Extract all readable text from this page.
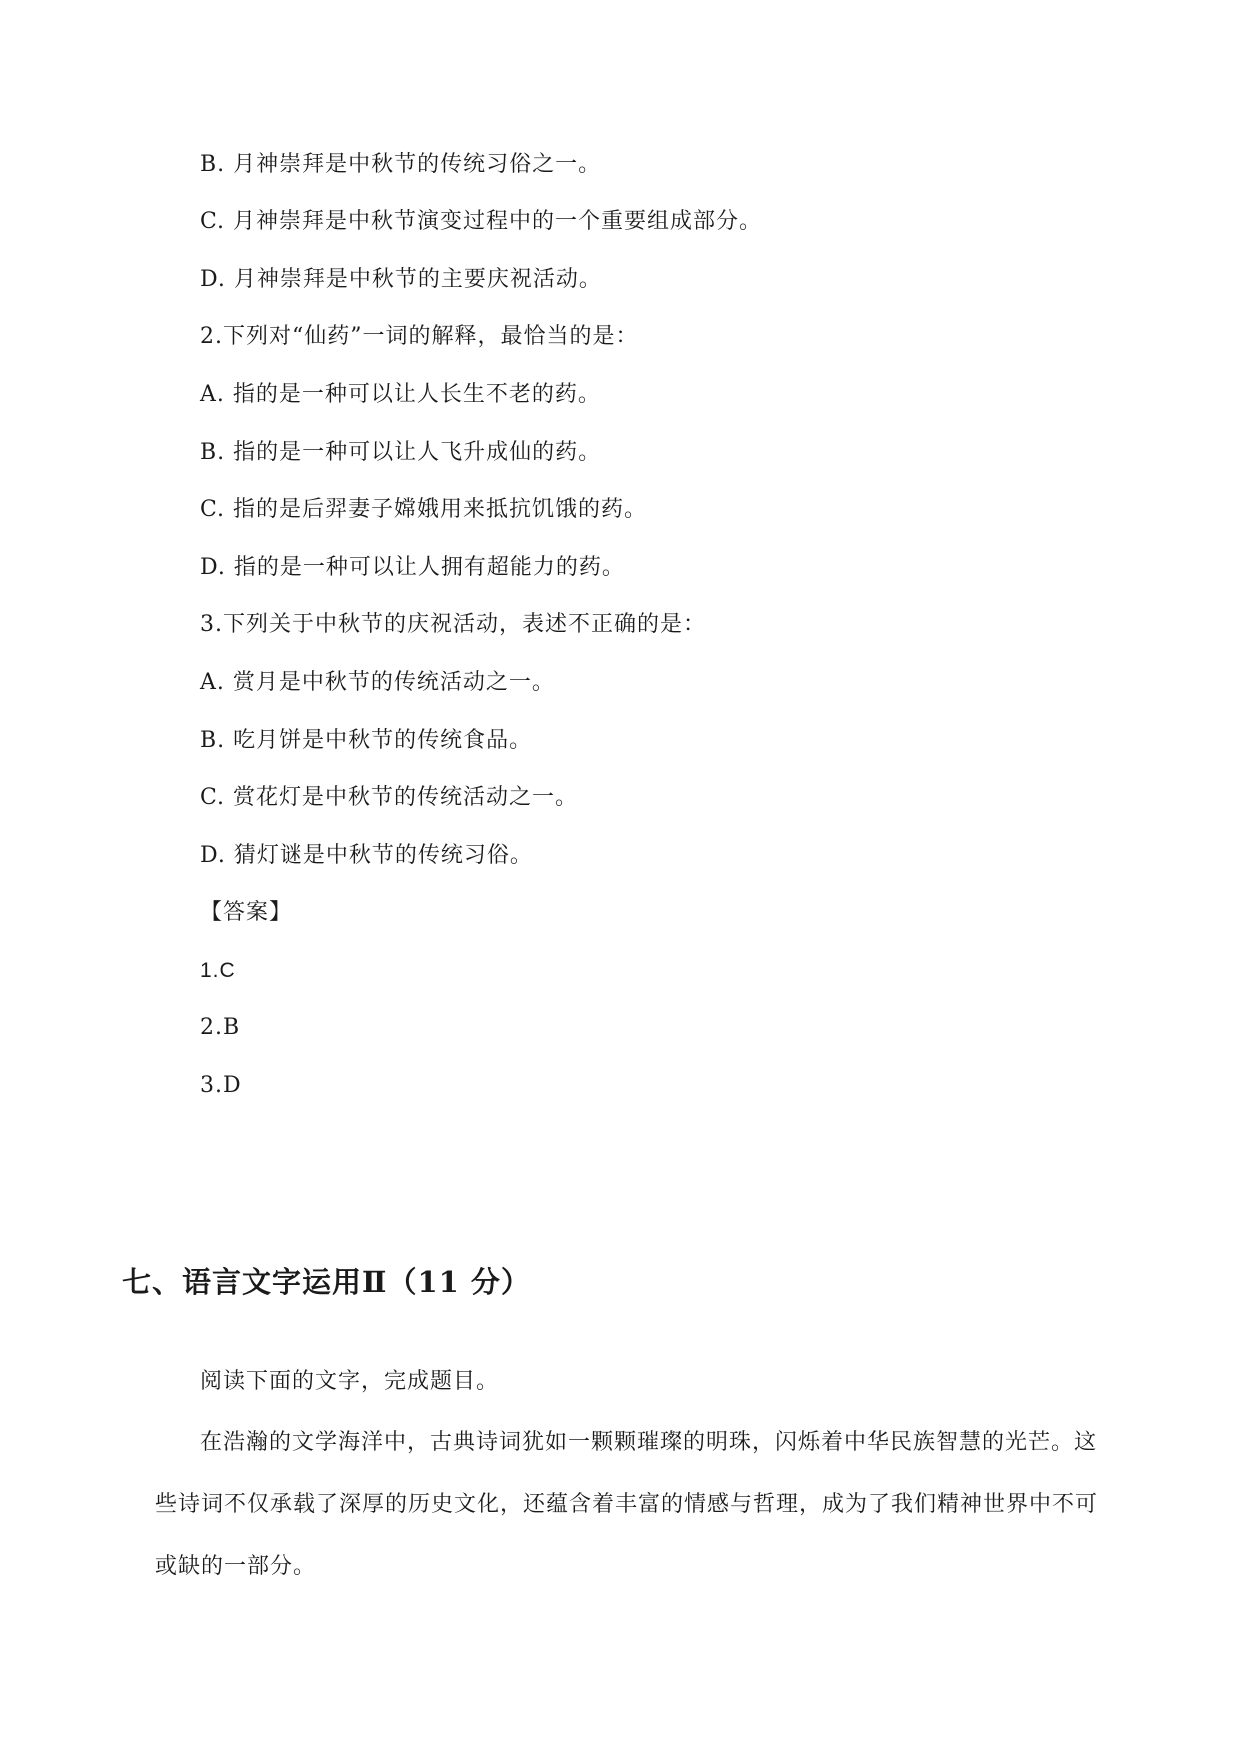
B. 月神崇拜是中秋节的传统习俗之一。
C. 月神崇拜是中秋节演变过程中的一个重要组成部分。
D. 月神崇拜是中秋节的主要庆祝活动。
2.下列对“仙药”一词的解释，最恰当的是：
A. 指的是一种可以让人长生不老的药。
B. 指的是一种可以让人飞升成仙的药。
C. 指的是后羿妻子嫦娥用来抵抗饥饿的药。
D. 指的是一种可以让人拥有超能力的药。
3.下列关于中秋节的庆祝活动，表述不正确的是：
A. 赏月是中秋节的传统活动之一。
B. 吃月饼是中秋节的传统食品。
C. 赏花灯是中秋节的传统活动之一。
D. 猜灯谜是中秋节的传统习俗。
【答案】
1.C
2.B
3.D
七、语言文字运用Ⅱ（11 分）
阅读下面的文字，完成题目。
在浩瀚的文学海洋中，古典诗词犹如一颗颗璀璨的明珠，闪烁着中华民族智慧的光芒。这些诗词不仅承载了深厚的历史文化，还蕴含着丰富的情感与哲理，成为了我们精神世界中不可或缺的一部分。
